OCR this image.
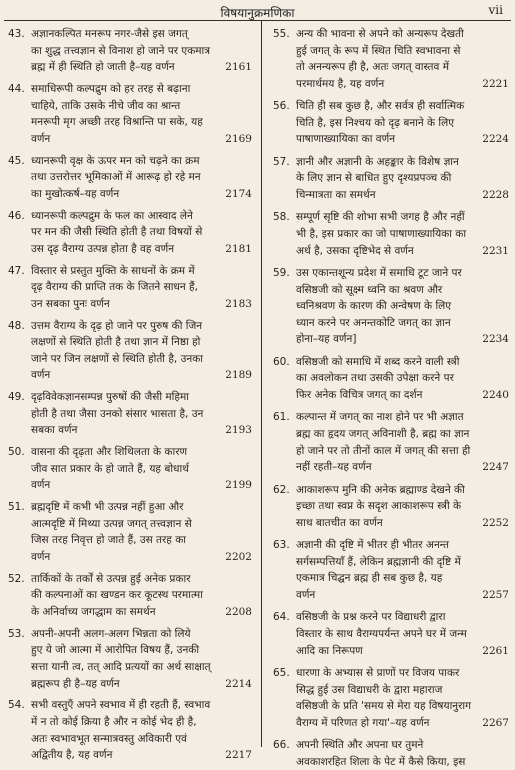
विषयानुक्रमणिका	vii
43. अज्ञानकल्पित मनरूप नगर-जैसे इस जगत्
का शुद्ध तत्त्वज्ञान से विनाश हो जाने पर एकमात्र
ब्रह्म में ही स्थिति हो जाती है–यह वर्णन	2161
44. समाधिरूपी कल्पद्रुम को हर तरह से बढ़ाना
चाहिये, ताकि उसके नीचे जीव का श्रान्त
मनरूपी मृग अच्छी तरह विश्रान्ति पा सके, यह
वर्णन	2169
45. ध्यानरूपी वृक्ष के ऊपर मन को चढ़ने का क्रम
तथा उत्तरोत्तर भूमिकाओं में आरूढ़ हो रहे मन
का मुखोत्कर्ष–यह वर्णन	2174
46. ध्यानरूपी कल्पद्रुम के फल का आस्वाद लेने
पर मन की जैसी स्थिति होती है तथा विषयों से
उस दृढ़ वैराग्य उत्पन्न होता है वह वर्णन	2181
47. विस्तार से प्रस्तुत मुक्ति के साधनों के क्रम में
दृढ़ वैराग्य की प्राप्ति तक के जितने साधन हैं,
उन सबका पुनः वर्णन	2183
48. उत्तम वैराग्य के दृढ़ हो जाने पर पुरुष की जिन
लक्षणों से स्थिति होती है तथा ज्ञान में निष्ठा हो
जाने पर जिन लक्षणों से स्थिति होती है, उनका
वर्णन	2189
49. दृढ़विवेकज्ञानसम्पन्न पुरुषों की जैसी महिमा
होती है तथा जैसा उनको संसार भासता है, उन
सबका वर्णन	2193
50. वासना की दृढ़ता और शिथिलता के कारण
जीव सात प्रकार के हो जाते हैं, यह बोधार्थ
वर्णन	2199
51. ब्रह्मदृष्टि में कभी भी उत्पन्न नहीं हुआ और
आत्मदृष्टि में मिथ्या उत्पन्न जगत् तत्त्वज्ञान से
जिस तरह निवृत्त हो जाते हैं, उस तरह का
वर्णन	2202
52. तार्किकों के तर्कों से उत्पन्न हुई अनेक प्रकार
की कल्पनाओं का खण्डन कर कूटस्थ परमात्मा
के अनिर्वाच्य जगद्धाम का समर्थन	2208
53. अपनी-अपनी अलग-अलग भिन्नता को लिये
हुए ये जो आत्मा में आरोपित विषय हैं, उनकी
सत्ता यानी त्व, तत् आदि प्रत्ययों का अर्थ साक्षात्
ब्रह्मरूप ही है–यह वर्णन	2214
54. सभी वस्तुएँ अपने स्वभाव में ही रहती हैं, स्वभाव
में न तो कोई क्रिया है और न कोई भेद ही है,
अतः स्वभावभूत सन्मात्रवस्तु अविकारी एवं
अद्वितीय है, यह वर्णन	2217
55. अन्य की भावना से अपने को अन्यरूप देखती
हुई जगत् के रूप में स्थित चिति स्वभावना से
तो अनन्यरूप ही है, अतः जगत् वास्तव में
परमार्थमय है, यह वर्णन	2221
56. चिति ही सब कुछ है, और सर्वत्र ही सर्वात्मिक
चिति है, इस निश्चय को दृढ़ बनाने के लिए
पाषाणाख्यायिका का वर्णन	2224
57. ज्ञानी और अज्ञानी के अहङ्कार के विशेष ज्ञान
के लिए ज्ञान से बाधित हुए दृश्यप्रपञ्च की
चिन्मात्रता का समर्थन	2228
58. सम्पूर्ण सृष्टि की शोभा सभी जगह है और नहीं
भी है, इस प्रकार का जो पाषाणाख्यायिका का
अर्थ है, उसका दृष्टिभेद से वर्णन	2231
59. उस एकान्तशून्य प्रदेश में समाधि टूट जाने पर
वसिष्ठजी को सूक्ष्म ध्वनि का श्रवण और
ध्वनिश्रवण के कारण की अन्वेषण के लिए
ध्यान करने पर अनन्तकोटि जगत् का ज्ञान
होना–यह वर्णन]	2234
60. वसिष्ठजी को समाधि में शब्द करने वाली स्त्री
का अवलोकन तथा उसकी उपेक्षा करने पर
फिर अनेक विचित्र जगत् का दर्शन	2240
61. कल्पान्त में जगत् का नाश होने पर भी अज्ञात
ब्रह्म का हृदय जगत् अविनाशी है, ब्रह्म का ज्ञान
हो जाने पर तो तीनों काल में जगत् की सत्ता ही
नहीं रहती–यह वर्णन	2247
62. आकाशरूप मुनि की अनेक ब्रह्माण्ड देखने की
इच्छा तथा स्वप्न के सदृश आकाशरूप स्त्री के
साथ बातचीत का वर्णन	2252
63. अज्ञानी की दृष्टि में भीतर ही भीतर अनन्त
सर्गसम्पत्तियाँ हैं, लेकिन ब्रह्मज्ञानी की दृष्टि में
एकमात्र चिद्घन ब्रह्म ही सब कुछ है, यह
वर्णन	2257
64. वसिष्ठजी के प्रश्न करने पर विद्याधरी द्वारा
विस्तार के साथ वैराग्यपर्यन्त अपने घर में जन्म
आदि का निरूपण	2261
65. धारणा के अभ्यास से प्राणों पर विजय पाकर
सिद्ध हुई उस विद्याधरी के द्वारा महाराज
वसिष्ठजी के प्रति 'समय से मेरा यह विषयानुराग
वैराग्य में परिणत हो गया'–यह वर्णन	2267
66. अपनी स्थिति और अपना घर तुमने
अवकाशरहित शिला के पेट में कैसे किया, इस
